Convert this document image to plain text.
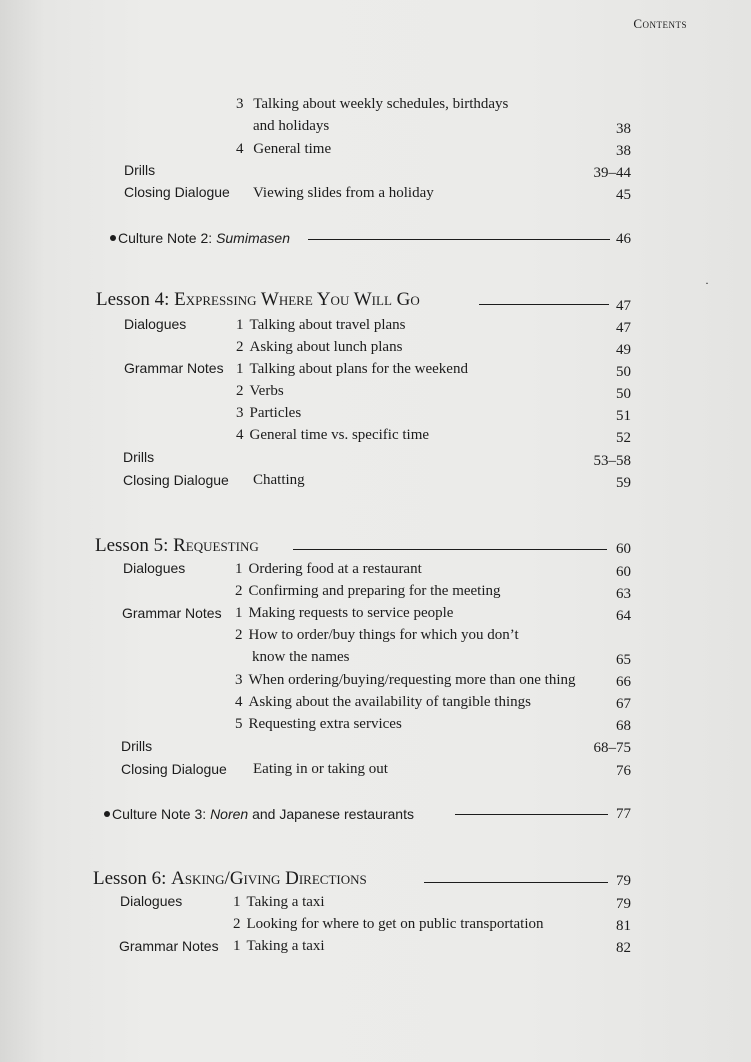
Contents
·
3 Talking about weekly schedules, birthdays
and holidays	38
4 General time	38
Drills	39–44
Closing Dialogue Viewing slides from a holiday	45
Culture Note 2: Sumimasen	46
Lesson 4: Expressing Where You Will Go	47
Dialogues	1 Talking about travel plans	47
2 Asking about lunch plans	49
Grammar Notes 1 Talking about plans for the weekend	50
2 Verbs	50
3 Particles	51
4 General time vs. specific time	52
Drills	53–58
Closing Dialogue Chatting	59
Lesson 5: Requesting	60
Dialogues	1 Ordering food at a restaurant	60
2 Confirming and preparing for the meeting	63
Grammar Notes 1 Making requests to service people	64
2 How to order/buy things for which you don’t
know the names	65
3 When ordering/buying/requesting more than one thing	66
4 Asking about the availability of tangible things	67
5 Requesting extra services	68
Drills	68–75
Closing Dialogue Eating in or taking out	76
Culture Note 3: Noren and Japanese restaurants	77
Lesson 6: Asking/Giving Directions	79
Dialogues	1 Taking a taxi	79
2 Looking for where to get on public transportation	81
Grammar Notes 1 Taking a taxi	82
